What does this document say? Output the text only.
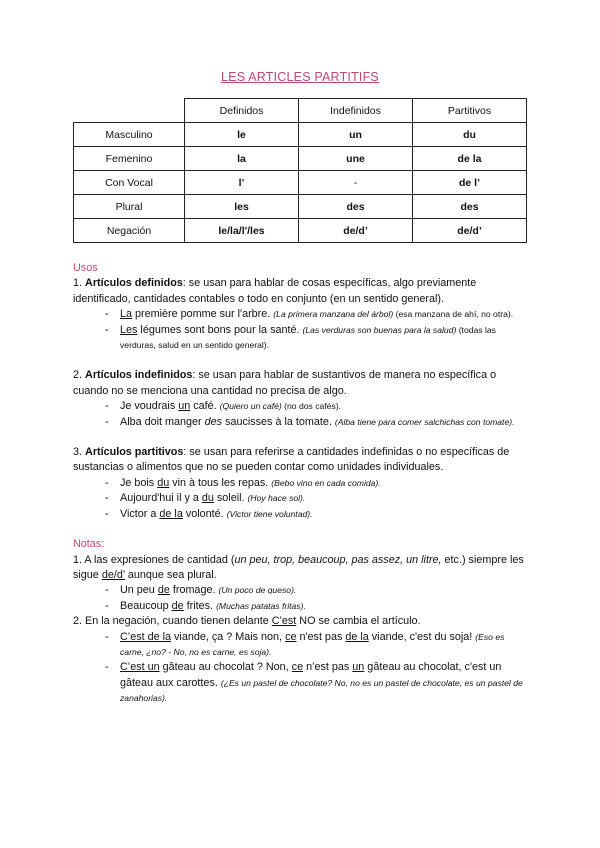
LES ARTICLES PARTITIFS
	Definidos	Indefinidos	Partitivos
Masculino	le	un	du
Femenino	la	une	de la
Con Vocal	l’	-	de l’
Plural	les	des	des
Negación	le/la/l'/les	de/d’	de/d’

Usos

1. Artículos definidos: se usan para hablar de cosas específicas, algo previamente identificado, cantidades contables o todo en conjunto (en un sentido general).

- La première pomme sur l'arbre. (La primera manzana del árbol) (esa manzana de ahí, no otra).
- Les légumes sont bons pour la santé. (Las verduras son buenas para la salud) (todas las verduras, salud en un sentido general).

2. Artículos indefinidos: se usan para hablar de sustantivos de manera no específica o cuando no se menciona una cantidad no precisa de algo.

- Je voudrais un café. (Quiero un café) (no dos cafés).
- Alba doit manger des saucisses à la tomate. (Alba tiene para comer salchichas con tomate).

3. Artículos partitivos: se usan para referirse a cantidades indefinidas o no específicas de sustancias o alimentos que no se pueden contar como unidades individuales.

- Je bois du vin à tous les repas. (Bebo vino en cada comida).
- Aujourd'hui il y a du soleil. (Hoy hace sol).
- Victor a de la volonté. (Victor tiene voluntad).

Notas:

1. A las expresiones de cantidad (un peu, trop, beaucoup, pas assez, un litre, etc.) siempre les sigue de/d’ aunque sea plural.

- Un peu de fromage. (Un poco de queso).
- Beaucoup de frites. (Muchas patatas fritas).

2. En la negación, cuando tienen delante C’est NO se cambia el artículo.

- C’est de la viande, ça ? Mais non, ce n'est pas de la viande, c'est du soja! (Eso es carne, ¿no? - No, no es carne, es soja).
- C’est un gâteau au chocolat ? Non, ce n’est pas un gâteau au chocolat, c'est un gâteau aux carottes. (¿Es un pastel de chocolate? No, no es un pastel de chocolate, es un pastel de zanahorias).
